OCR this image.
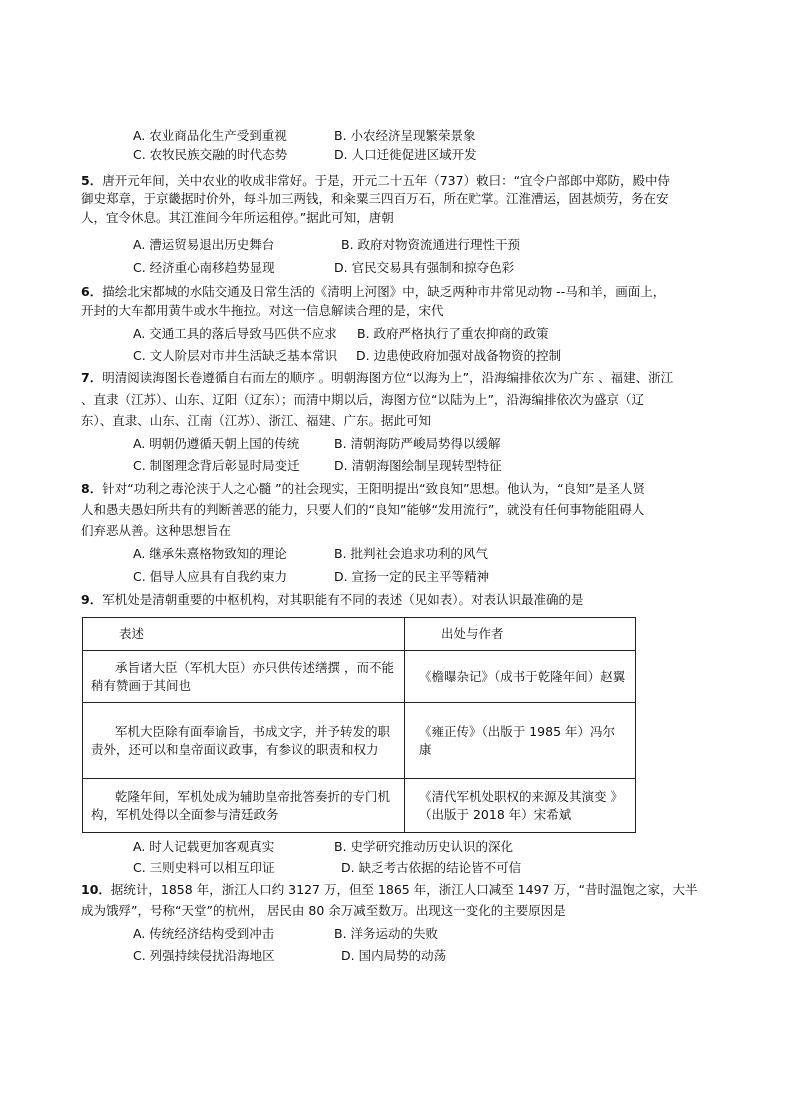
A. 农业商品化生产受到重视	B. 小农经济呈现繁荣景象
C. 农牧民族交融的时代态势	D. 人口迁徙促进区域开发
5．唐开元年间，关中农业的收成非常好。于是，开元二十五年（737）敕曰：“宜令户部郎中郑防，殿中侍
御史郑章，于京畿据时价外，每斗加三两钱，和籴粟三四百万石，所在贮掌。江淮漕运，固甚烦劳，务在安
人，宜令休息。其江淮间今年所运租停。”据此可知，唐朝
A. 漕运贸易退出历史舞台	B. 政府对物资流通进行理性干预
C. 经济重心南移趋势显现	D. 官民交易具有强制和掠夺色彩
6．描绘北宋都城的水陆交通及日常生活的《清明上河图》中，缺乏两种市井常见动物 --马和羊，画面上，
开封的大车都用黄牛或水牛拖拉。对这一信息解读合理的是，宋代
A. 交通工具的落后导致马匹供不应求 B. 政府严格执行了重农抑商的政策
C. 文人阶层对市井生活缺乏基本常识 D. 边患使政府加强对战备物资的控制
7．明清阅读海图长卷遵循自右而左的顺序 。明朝海图方位“以海为上”，沿海编排依次为广东 、福建、浙江
、直隶（江苏）、山东、辽阳（辽东）；而清中期以后，海图方位“以陆为上”，沿海编排依次为盛京（辽
东）、直隶、山东、江南（江苏）、浙江、福建、广东。据此可知
A. 明朝仍遵循天朝上国的传统	B. 清朝海防严峻局势得以缓解
C. 制图理念背后彰显时局变迁	D. 清朝海图绘制呈现转型特征
8．针对“功利之毒沦浃于人之心髓 ”的社会现实，王阳明提出“致良知”思想。他认为，“良知”是圣人贤
人和愚夫愚妇所共有的判断善恶的能力，只要人们的“良知”能够“发用流行”，就没有任何事物能阻碍人
们弃恶从善。这种思想旨在
A. 继承朱熹格物致知的理论	B. 批判社会追求功利的风气
C. 倡导人应具有自我约束力	D. 宣扬一定的民主平等精神
9．军机处是清朝重要的中枢机构，对其职能有不同的表述（见如表）。对表认识最准确的是
表述	出处与作者
承旨诸大臣（军机大臣）亦只供传述缮撰 ，而不能稍有赞画于其间也	《檐曝杂记》（成书于乾隆年间）赵翼
军机大臣除有面奉谕旨，书成文字，并予转发的职责外，还可以和皇帝面议政事，有参议的职责和权力	《雍正传》（出版于 1985 年）冯尔康
乾隆年间，军机处成为辅助皇帝批答奏折的专门机构，军机处得以全面参与清廷政务	《清代军机处职权的来源及其演变 》（出版于 2018 年）宋希斌
A. 时人记载更加客观真实	B. 史学研究推动历史认识的深化
C. 三则史料可以相互印证	D. 缺乏考古依据的结论皆不可信
10．据统计，1858 年，浙江人口约 3127 万，但至 1865 年，浙江人口减至 1497 万，“昔时温饱之家，大半
成为饿殍”，号称“天堂”的杭州， 居民由 80 余万减至数万。出现这一变化的主要原因是
A. 传统经济结构受到冲击	B. 洋务运动的失败
C. 列强持续侵扰沿海地区	D. 国内局势的动荡
